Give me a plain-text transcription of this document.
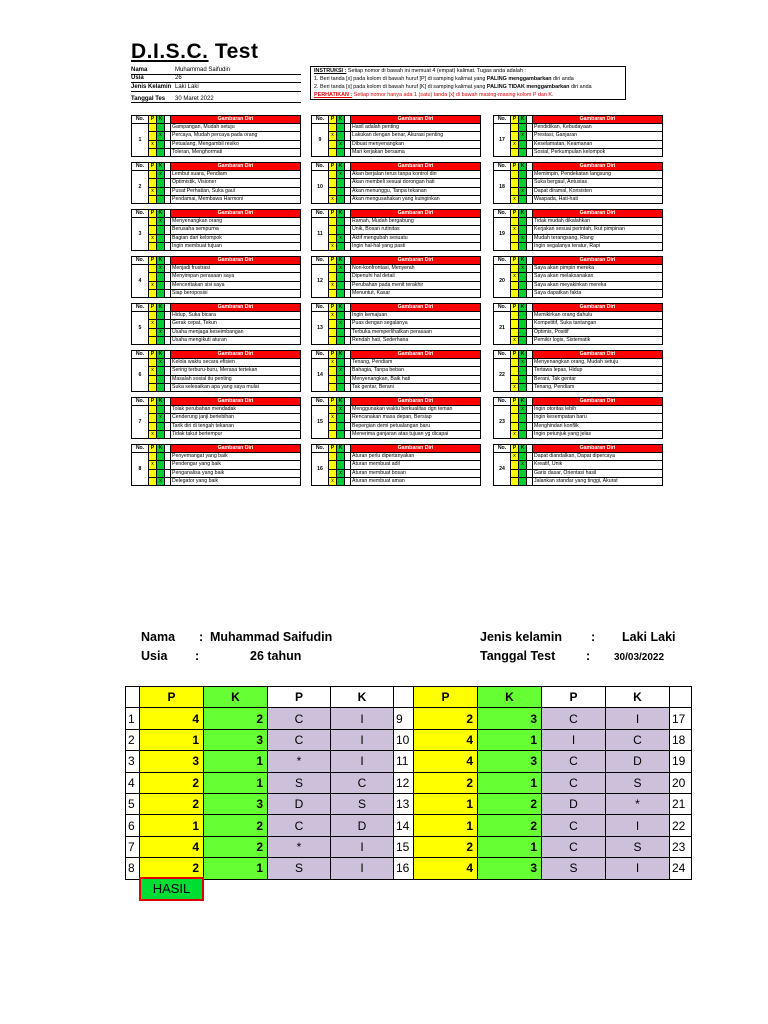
D.I.S.C. Test
Nama	Muhammad Saifudin
Usia	26
Jenis Kelamin Laki Laki
Tanggal Tes	30 Maret 2022
INSTRUKSI : Setiap nomor di bawah ini memuat 4 (empat) kalimat. Tugas anda adalah :
1. Beri tanda [x] pada kolom di bawah huruf [P] di samping kalimat yang PALING menggambarkan diri anda
2. Beri tanda [x] pada kolom di bawah huruf [K] di samping kalimat yang PALING TIDAK menggambarkan diri anda
PERHATIKAN : Setiap nomor hanya ada 1 (satu) tanda [x] di bawah masing-masing kolom P dan K.
No.	P	K		Gambaran Diri
1				Gampangan, Mudah setuju
		x		Percaya, Mudah percaya pada orang
	x			Petualang, Mengambil resiko
				Toleran, Menghormati
No.	P	K		Gambaran Diri
2		x		Lembut suara, Pendiam
				Optimistik, Visioner
	x			Pusat Perhatian, Suka gaul
				Pendamai, Membawa Harmoni
No.	P	K		Gambaran Diri
3		x		Menyenangkan orang
				Berusaha sempurna
	x			Bagian dari kelompok
				Ingin membuat tujuan
No.	P	K		Gambaran Diri
4		x		Menjadi frustrasi
				Menyimpan perasaan saya
	x			Menceritakan sisi saya
				Siap beroposisi
No.	P	K		Gambaran Diri
5				Hidup, Suka bicara
	x			Gerak cepat, Tekun
		x		Usaha menjaga keseimbangan
				Usaha mengikuti aturan
No.	P	K		Gambaran Diri
6		x		Kelola waktu secara efisien
	x			Sering terburu-buru, Merasa tertekan
				Masalah sosial itu penting
				Suka selesaikan apa yang saya mulai
No.	P	K		Gambaran Diri
7				Tolak perubahan mendadak
		x		Cenderung janji berlebihan
				Tarik diri di tengah tekanan
	x			Tidak takut bertempur
No.	P	K		Gambaran Diri
8				Penyemangat yang baik
	x			Pendengar yang baik
				Penganalisa yang baik
		x		Delegator yang baik
No.	P	K		Gambaran Diri
9				Hasil adalah penting
	x			Lakukan dengan benar, Akurasi penting
		x		Dibuat menyenangkan
				Mari kerjakan bersama
No.	P	K		Gambaran Diri
10		x		Akan berjalan terus tanpa kontrol diri
				Akan membeli sesuai dorongan hati
				Akan menunggu, Tanpa tekanan
	x			Akan mengusahakan yang kuinginkan
No.	P	K		Gambaran Diri
11				Ramah, Mudah bergabung
				Unik, Bosan rutinitas
		x		Aktif mengubah sesuatu
	x			Ingin hal-hal yang pasti
No.	P	K		Gambaran Diri
12		x		Non-konfrontasi, Menyerah
				Dipenuhi hal detail
	x			Perubahan pada menit terakhir
				Menuntut, Kasar
No.	P	K		Gambaran Diri
13	x			Ingin kemajuan
		x		Puas dengan segalanya
				Terbuka memperlihatkan perasaan
				Rendah hati, Sederhana
No.	P	K		Gambaran Diri
14	x			Tenang, Pendiam
		x		Bahagia, Tanpa beban
				Menyenangkan, Baik hati
				Tak gentar, Berani
No.	P	K		Gambaran Diri
15		x		Menggunakan waktu berkualitas dgn teman
	x			Rencanakan masa depan, Bersiap
				Bepergian demi petualangan baru
				Menerima ganjaran atas tujuan yg dicapai
No.	P	K		Gambaran Diri
16				Aturan perlu dipertanyakan
				Aturan membuat adil
		x		Aturan membuat bosan
	x			Aturan membuat aman
No.	P	K		Gambaran Diri
17				Pendidikan, Kebudayaan
		x		Prestasi, Ganjaran
	x			Keselamatan, Keamanan
				Sosial, Perkumpulan kelompok
No.	P	K		Gambaran Diri
18				Memimpin, Pendekatan langsung
				Suka bergaul, Antusias
		x		Dapat diramal, Konsisten
	x			Waspada, Hati-hati
No.	P	K		Gambaran Diri
19				Tidak mudah dikalahkan
	x			Kerjakan sesuai perintah, Ikut pimpinan
		x		Mudah terangsang, Riang
				Ingin segalanya teratur, Rapi
No.	P	K		Gambaran Diri
20		x		Saya akan pimpin mereka
	x			Saya akan melaksanakan
				Saya akan meyakinkan mereka
				Saya dapatkan fakta
No.	P	K		Gambaran Diri
21				Memikirkan orang dahulu
				Kompetitif, Suka tantangan
				Optimis, Positif
	x			Pemikir logis, Sistematik
No.	P	K		Gambaran Diri
22		x		Menyenangkan orang, Mudah setuju
				Tertawa lepas, Hidup
				Berani, Tak gentar
	x			Tenang, Pendiam
No.	P	K		Gambaran Diri
23		x		Ingin otoritas lebih
				Ingin kesempatan baru
				Menghindari konflik
	x			Ingin petunjuk yang jelas
No.	P	K		Gambaran Diri
24	x			Dapat diandalkan, Dapat dipercaya
		x		Kreatif, Unik
				Garis dasar, Orientasi hasil
				Jalankan standar yang tinggi, Akurat
Nama : Muhammad Saifudin
Usia :	26 tahun
Jenis kelamin : Laki Laki
Tanggal Test : 30/03/2022
	P	K	P	K		P	K	P	K	
1	4	2	C	I	9	2	3	C	I	17
2	1	3	C	I	10	4	1	I	C	18
3	3	1	*	I	11	4	3	C	D	19
4	2	1	S	C	12	2	1	C	S	20
5	2	3	D	S	13	1	2	D	*	21
6	1	2	C	D	14	1	2	C	I	22
7	4	2	*	I	15	2	1	C	S	23
8	2	1	S	I	16	4	3	S	I	24
HASIL
